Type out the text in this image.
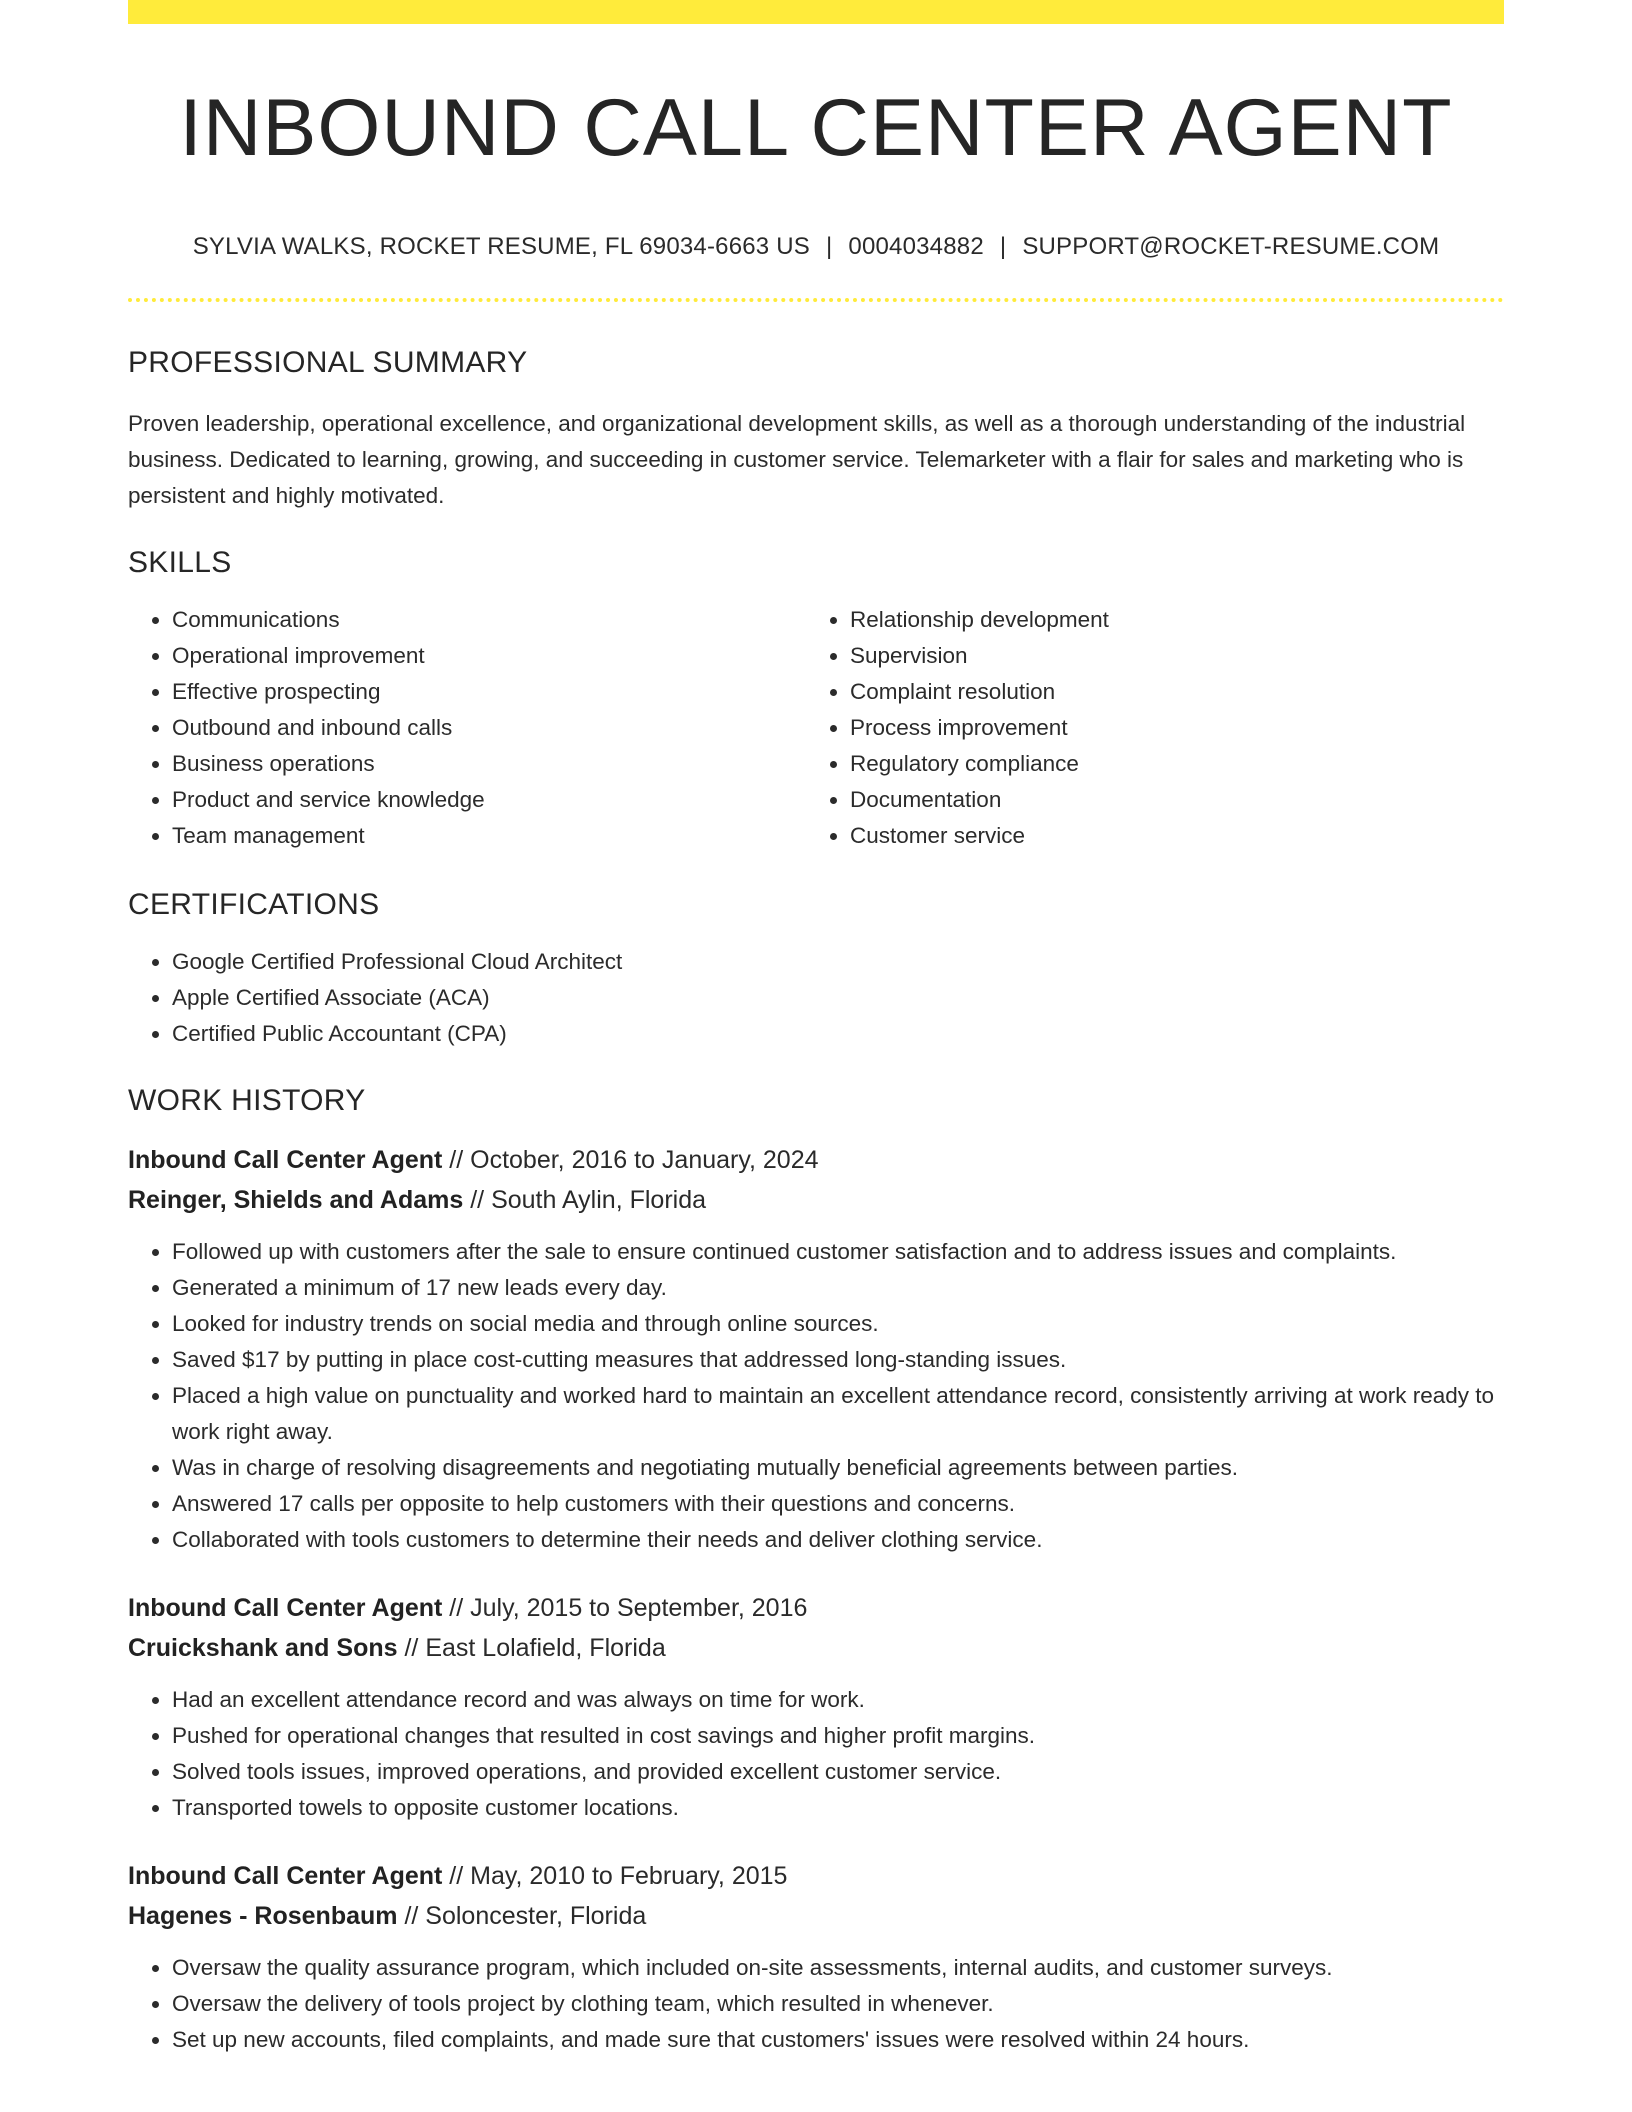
INBOUND CALL CENTER AGENT
SYLVIA WALKS, ROCKET RESUME, FL 69034-6663 US | 0004034882 | SUPPORT@ROCKET-RESUME.COM
PROFESSIONAL SUMMARY

Proven leadership, operational excellence, and organizational development skills, as well as a thorough understanding of the industrial business. Dedicated to learning, growing, and succeeding in customer service. Telemarketer with a flair for sales and marketing who is persistent and highly motivated.

SKILLS
• Communications
• Operational improvement
• Effective prospecting
• Outbound and inbound calls
• Business operations
• Product and service knowledge
• Team management
• Relationship development
• Supervision
• Complaint resolution
• Process improvement
• Regulatory compliance
• Documentation
• Customer service
CERTIFICATIONS
• Google Certified Professional Cloud Architect
• Apple Certified Associate (ACA)
• Certified Public Accountant (CPA)
WORK HISTORY
Inbound Call Center Agent // October, 2016 to January, 2024
Reinger, Shields and Adams // South Aylin, Florida
• Followed up with customers after the sale to ensure continued customer satisfaction and to address issues and complaints.
• Generated a minimum of 17 new leads every day.
• Looked for industry trends on social media and through online sources.
• Saved $17 by putting in place cost-cutting measures that addressed long-standing issues.
• Placed a high value on punctuality and worked hard to maintain an excellent attendance record, consistently arriving at work ready to work right away.
• Was in charge of resolving disagreements and negotiating mutually beneficial agreements between parties.
• Answered 17 calls per opposite to help customers with their questions and concerns.
• Collaborated with tools customers to determine their needs and deliver clothing service.
Inbound Call Center Agent // July, 2015 to September, 2016
Cruickshank and Sons // East Lolafield, Florida
• Had an excellent attendance record and was always on time for work.
• Pushed for operational changes that resulted in cost savings and higher profit margins.
• Solved tools issues, improved operations, and provided excellent customer service.
• Transported towels to opposite customer locations.
Inbound Call Center Agent // May, 2010 to February, 2015
Hagenes - Rosenbaum // Soloncester, Florida
• Oversaw the quality assurance program, which included on-site assessments, internal audits, and customer surveys.
• Oversaw the delivery of tools project by clothing team, which resulted in whenever.
• Set up new accounts, filed complaints, and made sure that customers' issues were resolved within 24 hours.
